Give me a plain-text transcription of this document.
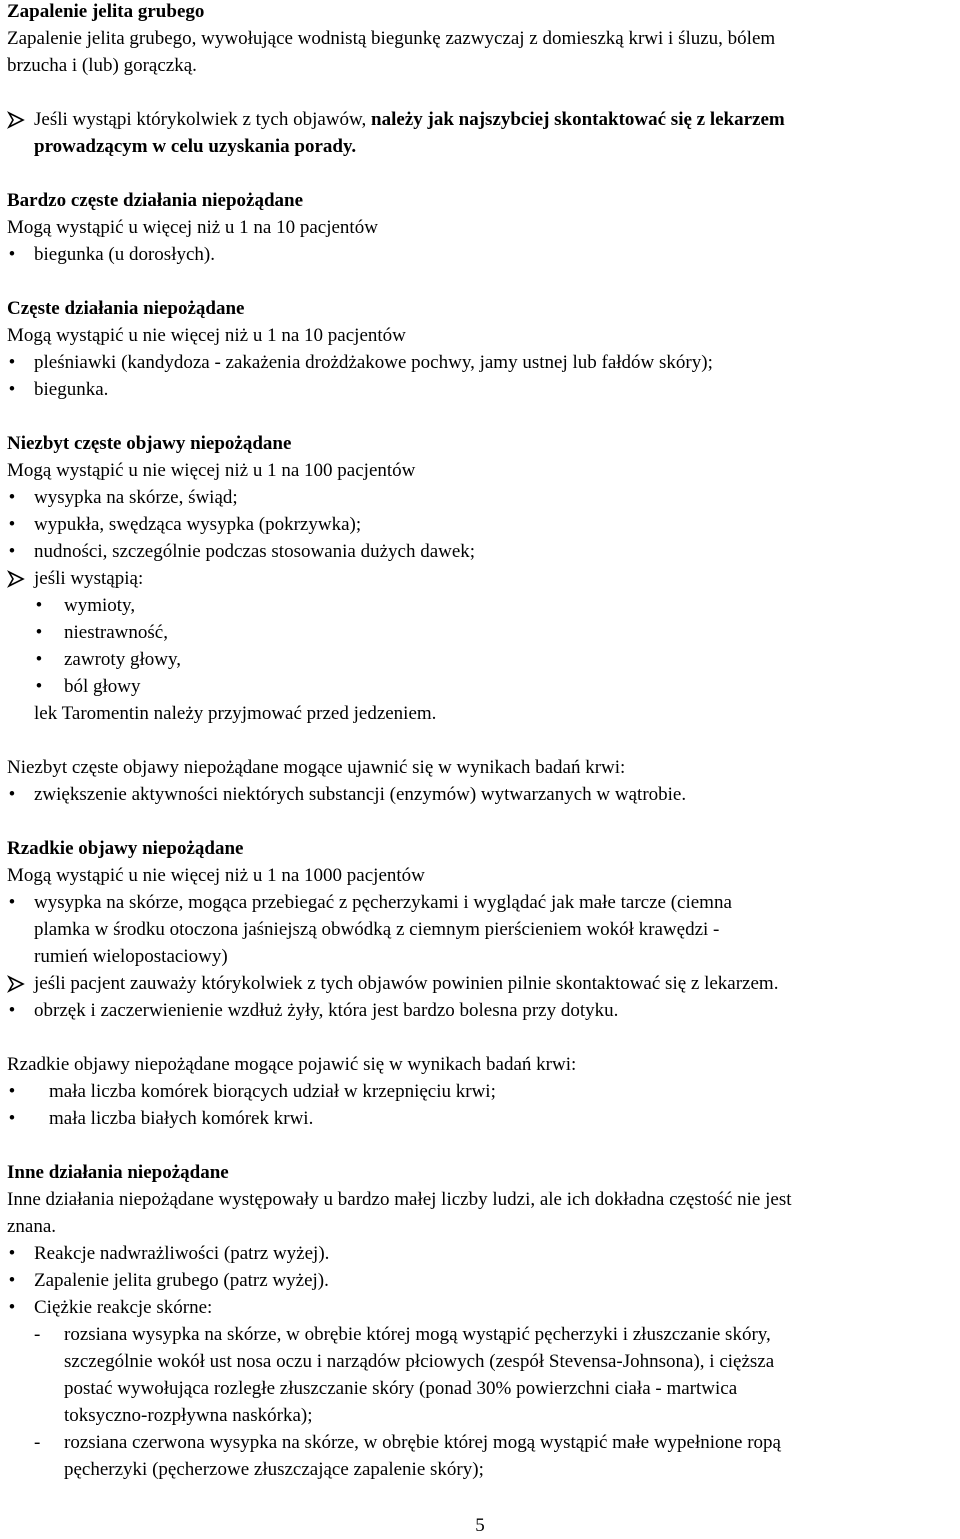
Zapalenie jelita grubego
Zapalenie jelita grubego, wywołujące wodnistą biegunkę zazwyczaj z domieszką krwi i śluzu, bólem
brzucha i (lub) gorączką.
Jeśli wystąpi którykolwiek z tych objawów, należy jak najszybciej skontaktować się z lekarzem
prowadzącym w celu uzyskania porady.
Bardzo częste działania niepożądane
Mogą wystąpić u więcej niż u 1 na 10 pacjentów
• biegunka (u dorosłych).
Częste działania niepożądane
Mogą wystąpić u nie więcej niż u 1 na 10 pacjentów
• pleśniawki (kandydoza - zakażenia drożdżakowe pochwy, jamy ustnej lub fałdów skóry);
• biegunka.
Niezbyt częste objawy niepożądane
Mogą wystąpić u nie więcej niż u 1 na 100 pacjentów
• wysypka na skórze, świąd;
• wypukła, swędząca wysypka (pokrzywka);
• nudności, szczególnie podczas stosowania dużych dawek;
jeśli wystąpią:
• wymioty,
• niestrawność,
• zawroty głowy,
• ból głowy
lek Taromentin należy przyjmować przed jedzeniem.
Niezbyt częste objawy niepożądane mogące ujawnić się w wynikach badań krwi:
• zwiększenie aktywności niektórych substancji (enzymów) wytwarzanych w wątrobie.
Rzadkie objawy niepożądane
Mogą wystąpić u nie więcej niż u 1 na 1000 pacjentów
• wysypka na skórze, mogąca przebiegać z pęcherzykami i wyglądać jak małe tarcze (ciemna
plamka w środku otoczona jaśniejszą obwódką z ciemnym pierścieniem wokół krawędzi -
rumień wielopostaciowy)
jeśli pacjent zauważy którykolwiek z tych objawów powinien pilnie skontaktować się z lekarzem.
• obrzęk i zaczerwienienie wzdłuż żyły, która jest bardzo bolesna przy dotyku.
Rzadkie objawy niepożądane mogące pojawić się w wynikach badań krwi:
• mała liczba komórek biorących udział w krzepnięciu krwi;
• mała liczba białych komórek krwi.
Inne działania niepożądane
Inne działania niepożądane występowały u bardzo małej liczby ludzi, ale ich dokładna częstość nie jest
znana.
• Reakcje nadwrażliwości (patrz wyżej).
• Zapalenie jelita grubego (patrz wyżej).
• Ciężkie reakcje skórne:
- rozsiana wysypka na skórze, w obrębie której mogą wystąpić pęcherzyki i złuszczanie skóry,
szczególnie wokół ust nosa oczu i narządów płciowych (zespół Stevensa-Johnsona), i cięższa
postać wywołująca rozległe złuszczanie skóry (ponad 30% powierzchni ciała - martwica
toksyczno-rozpływna naskórka);
- rozsiana czerwona wysypka na skórze, w obrębie której mogą wystąpić małe wypełnione ropą
pęcherzyki (pęcherzowe złuszczające zapalenie skóry);
5
